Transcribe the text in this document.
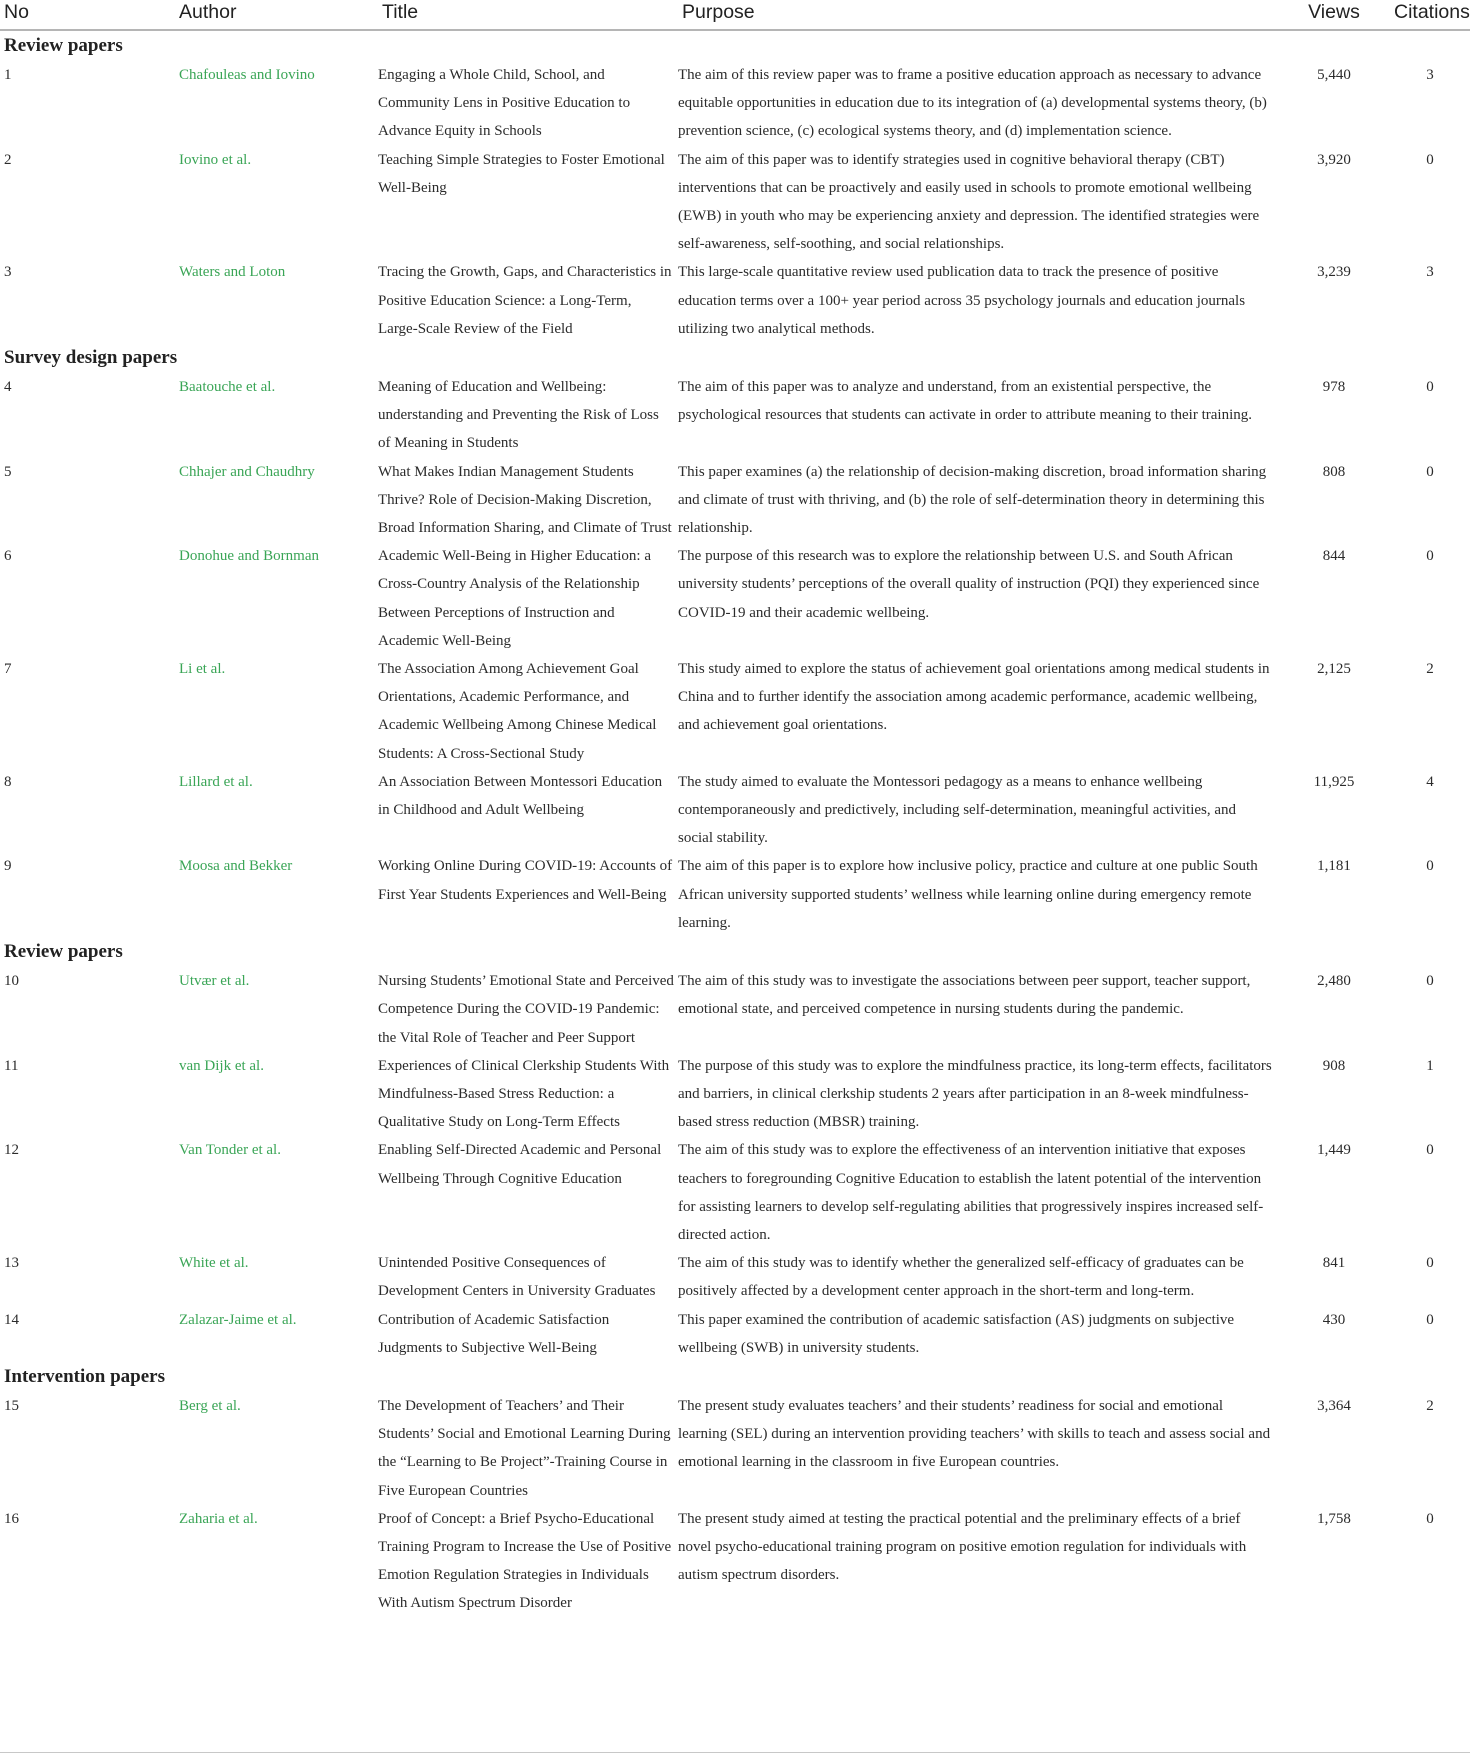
No	Author	Title	Purpose	Views	Citations
Review papers					
1	Chafouleas and Iovino	Engaging a Whole Child, School, and Community Lens in Positive Education to Advance Equity in Schools	The aim of this review paper was to frame a positive education approach as necessary to advance equitable opportunities in education due to its integration of (a) developmental systems theory, (b) prevention science, (c) ecological systems theory, and (d) implementation science.	5,440	3
2	Iovino et al.	Teaching Simple Strategies to Foster Emotional Well-Being	The aim of this paper was to identify strategies used in cognitive behavioral therapy (CBT) interventions that can be proactively and easily used in schools to promote emotional wellbeing (EWB) in youth who may be experiencing anxiety and depression. The identified strategies were self-awareness, self-soothing, and social relationships.	3,920	0
3	Waters and Loton	Tracing the Growth, Gaps, and Characteristics in Positive Education Science: a Long-Term, Large-Scale Review of the Field	This large-scale quantitative review used publication data to track the presence of positive education terms over a 100+ year period across 35 psychology journals and education journals utilizing two analytical methods.	3,239	3
Survey design papers					
4	Baatouche et al.	Meaning of Education and Wellbeing: understanding and Preventing the Risk of Loss of Meaning in Students	The aim of this paper was to analyze and understand, from an existential perspective, the psychological resources that students can activate in order to attribute meaning to their training.	978	0
5	Chhajer and Chaudhry	What Makes Indian Management Students Thrive? Role of Decision-Making Discretion, Broad Information Sharing, and Climate of Trust	This paper examines (a) the relationship of decision-making discretion, broad information sharing and climate of trust with thriving, and (b) the role of self-determination theory in determining this relationship.	808	0
6	Donohue and Bornman	Academic Well-Being in Higher Education: a Cross-Country Analysis of the Relationship Between Perceptions of Instruction and Academic Well-Being	The purpose of this research was to explore the relationship between U.S. and South African university students’ perceptions of the overall quality of instruction (PQI) they experienced since COVID-19 and their academic wellbeing.	844	0
7	Li et al.	The Association Among Achievement Goal Orientations, Academic Performance, and Academic Wellbeing Among Chinese Medical Students: A Cross-Sectional Study	This study aimed to explore the status of achievement goal orientations among medical students in China and to further identify the association among academic performance, academic wellbeing, and achievement goal orientations.	2,125	2
8	Lillard et al.	An Association Between Montessori Education in Childhood and Adult Wellbeing	The study aimed to evaluate the Montessori pedagogy as a means to enhance wellbeing contemporaneously and predictively, including self-determination, meaningful activities, and social stability.	11,925	4
9	Moosa and Bekker	Working Online During COVID-19: Accounts of First Year Students Experiences and Well-Being	The aim of this paper is to explore how inclusive policy, practice and culture at one public South African university supported students’ wellness while learning online during emergency remote learning.	1,181	0
Review papers					
10	Utvær et al.	Nursing Students’ Emotional State and Perceived Competence During the COVID-19 Pandemic: the Vital Role of Teacher and Peer Support	The aim of this study was to investigate the associations between peer support, teacher support, emotional state, and perceived competence in nursing students during the pandemic.	2,480	0
11	van Dijk et al.	Experiences of Clinical Clerkship Students With Mindfulness-Based Stress Reduction: a Qualitative Study on Long-Term Effects	The purpose of this study was to explore the mindfulness practice, its long-term effects, facilitators and barriers, in clinical clerkship students 2 years after participation in an 8-week mindfulness-based stress reduction (MBSR) training.	908	1
12	Van Tonder et al.	Enabling Self-Directed Academic and Personal Wellbeing Through Cognitive Education	The aim of this study was to explore the effectiveness of an intervention initiative that exposes teachers to foregrounding Cognitive Education to establish the latent potential of the intervention for assisting learners to develop self-regulating abilities that progressively inspires increased self-directed action.	1,449	0
13	White et al.	Unintended Positive Consequences of Development Centers in University Graduates	The aim of this study was to identify whether the generalized self-efficacy of graduates can be positively affected by a development center approach in the short-term and long-term.	841	0
14	Zalazar-Jaime et al.	Contribution of Academic Satisfaction Judgments to Subjective Well-Being	This paper examined the contribution of academic satisfaction (AS) judgments on subjective wellbeing (SWB) in university students.	430	0
Intervention papers					
15	Berg et al.	The Development of Teachers’ and Their Students’ Social and Emotional Learning During the “Learning to Be Project”-Training Course in Five European Countries	The present study evaluates teachers’ and their students’ readiness for social and emotional learning (SEL) during an intervention providing teachers’ with skills to teach and assess social and emotional learning in the classroom in five European countries.	3,364	2
16	Zaharia et al.	Proof of Concept: a Brief Psycho-Educational Training Program to Increase the Use of Positive Emotion Regulation Strategies in Individuals With Autism Spectrum Disorder	The present study aimed at testing the practical potential and the preliminary effects of a brief novel psycho-educational training program on positive emotion regulation for individuals with autism spectrum disorders.	1,758	0
